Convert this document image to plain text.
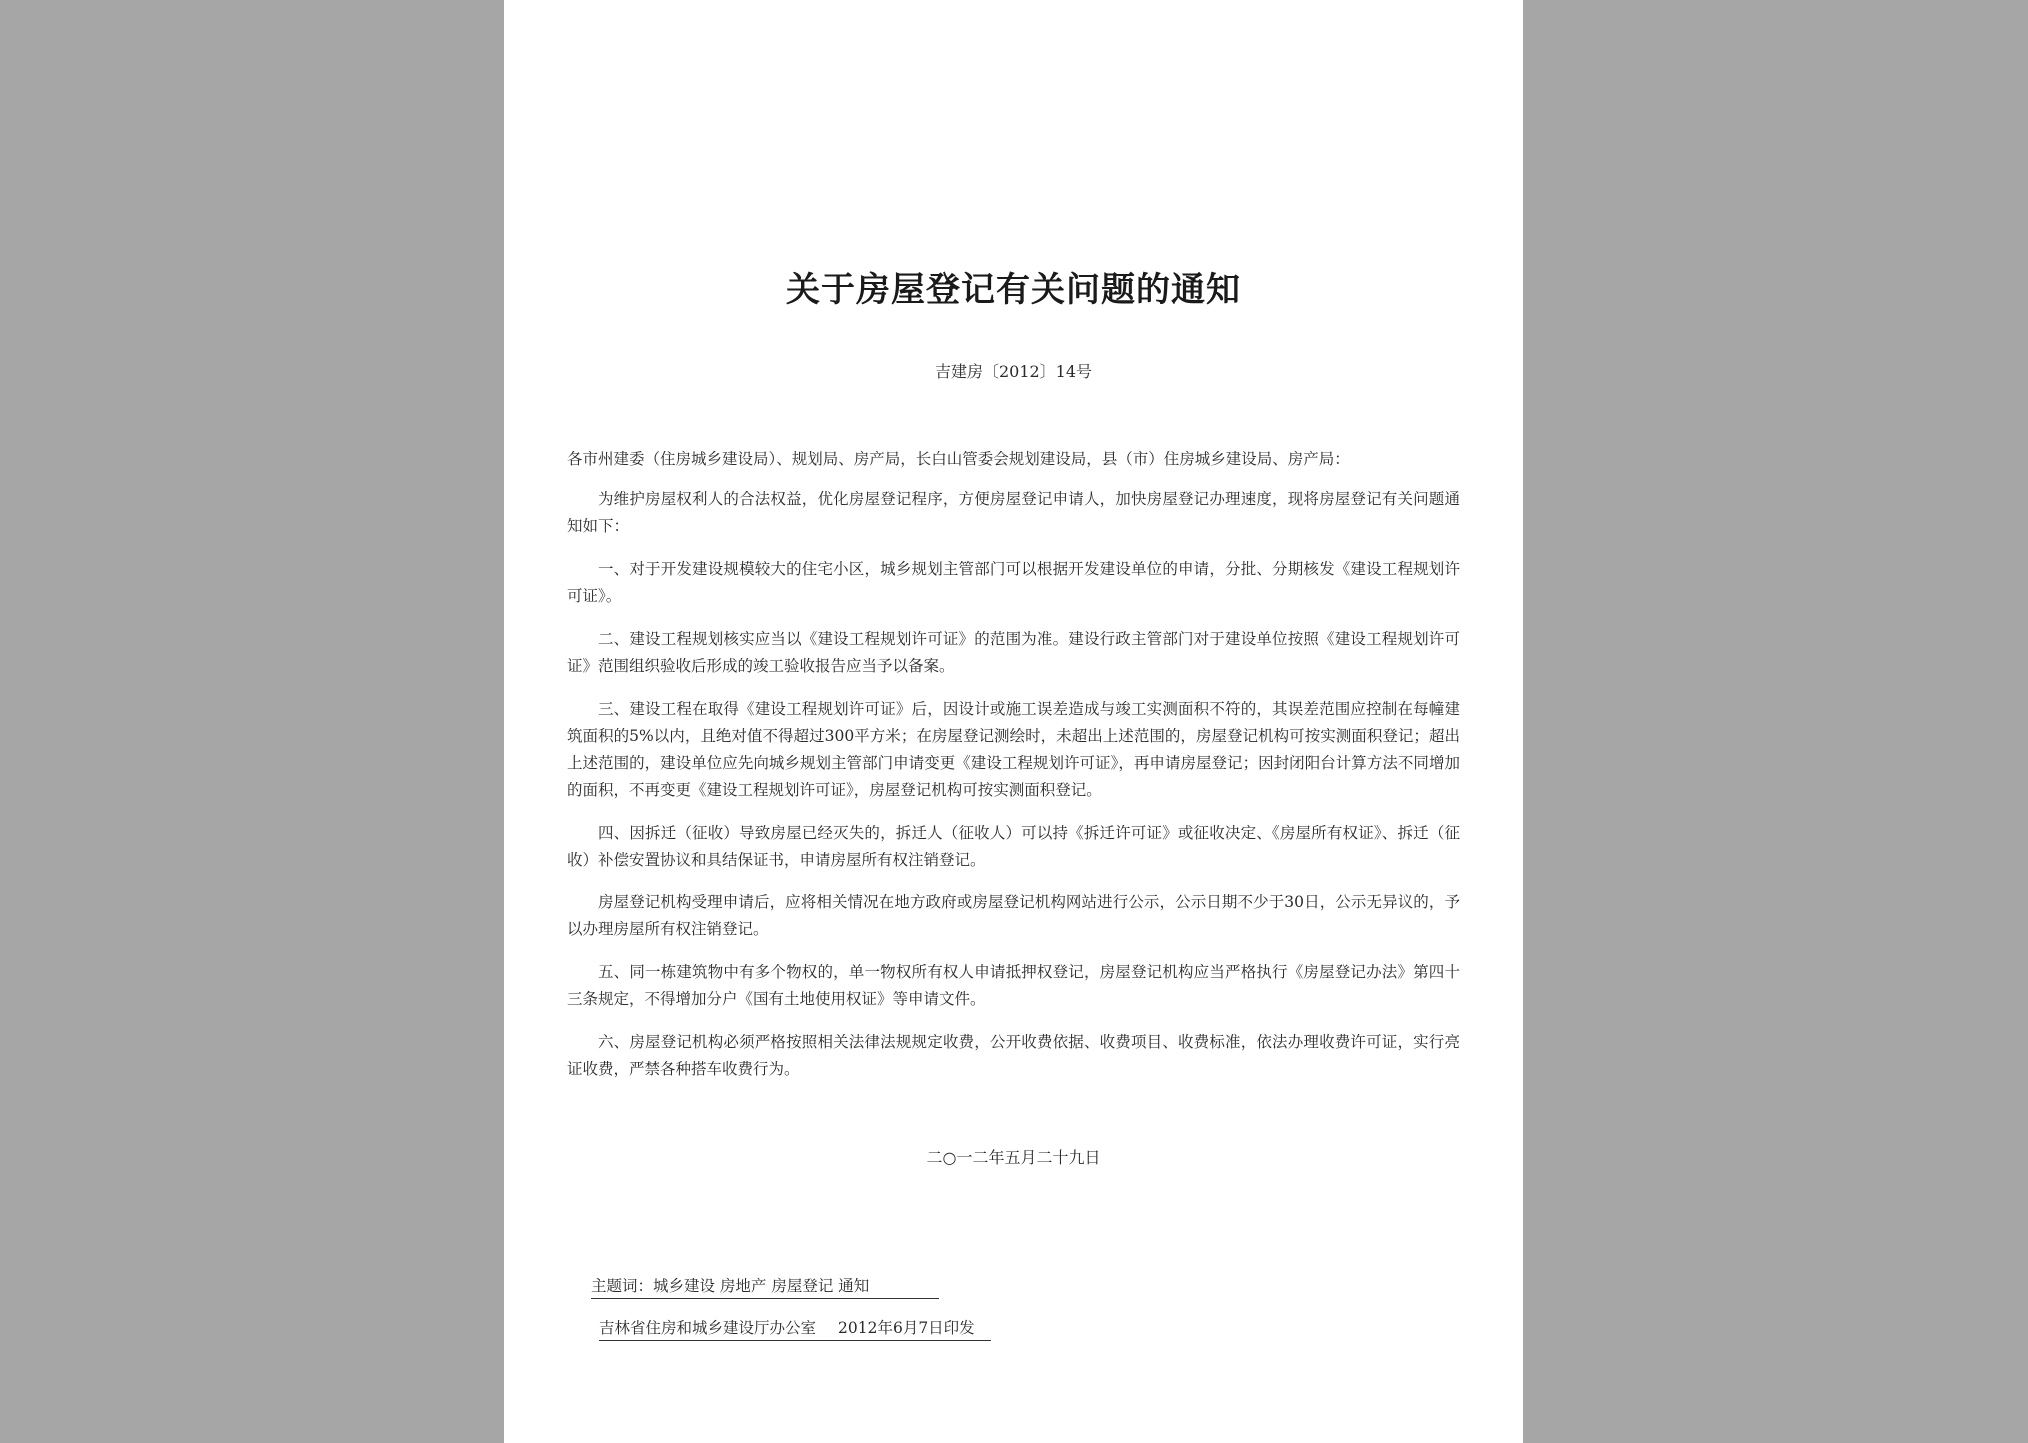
关于房屋登记有关问题的通知
吉建房〔2012〕14号
各市州建委（住房城乡建设局）、规划局、房产局，长白山管委会规划建设局，县（市）住房城乡建设局、房产局：

为维护房屋权利人的合法权益，优化房屋登记程序，方便房屋登记申请人，加快房屋登记办理速度，现将房屋登记有关问题通知如下：

一、对于开发建设规模较大的住宅小区，城乡规划主管部门可以根据开发建设单位的申请，分批、分期核发《建设工程规划许可证》。

二、建设工程规划核实应当以《建设工程规划许可证》的范围为准。建设行政主管部门对于建设单位按照《建设工程规划许可证》范围组织验收后形成的竣工验收报告应当予以备案。

三、建设工程在取得《建设工程规划许可证》后，因设计或施工误差造成与竣工实测面积不符的，其误差范围应控制在每幢建筑面积的5%以内，且绝对值不得超过300平方米；在房屋登记测绘时，未超出上述范围的，房屋登记机构可按实测面积登记；超出上述范围的，建设单位应先向城乡规划主管部门申请变更《建设工程规划许可证》，再申请房屋登记；因封闭阳台计算方法不同增加的面积，不再变更《建设工程规划许可证》，房屋登记机构可按实测面积登记。

四、因拆迁（征收）导致房屋已经灭失的，拆迁人（征收人）可以持《拆迁许可证》或征收决定、《房屋所有权证》、拆迁（征收）补偿安置协议和具结保证书，申请房屋所有权注销登记。

房屋登记机构受理申请后，应将相关情况在地方政府或房屋登记机构网站进行公示，公示日期不少于30日，公示无异议的，予以办理房屋所有权注销登记。

五、同一栋建筑物中有多个物权的，单一物权所有权人申请抵押权登记，房屋登记机构应当严格执行《房屋登记办法》第四十三条规定，不得增加分户《国有土地使用权证》等申请文件。

六、房屋登记机构必须严格按照相关法律法规规定收费，公开收费依据、收费项目、收费标准，依法办理收费许可证，实行亮证收费，严禁各种搭车收费行为。

二○一二年五月二十九日
主题词：城乡建设 房地产 房屋登记 通知
吉林省住房和城乡建设厅办公室 2012年6月7日印发
